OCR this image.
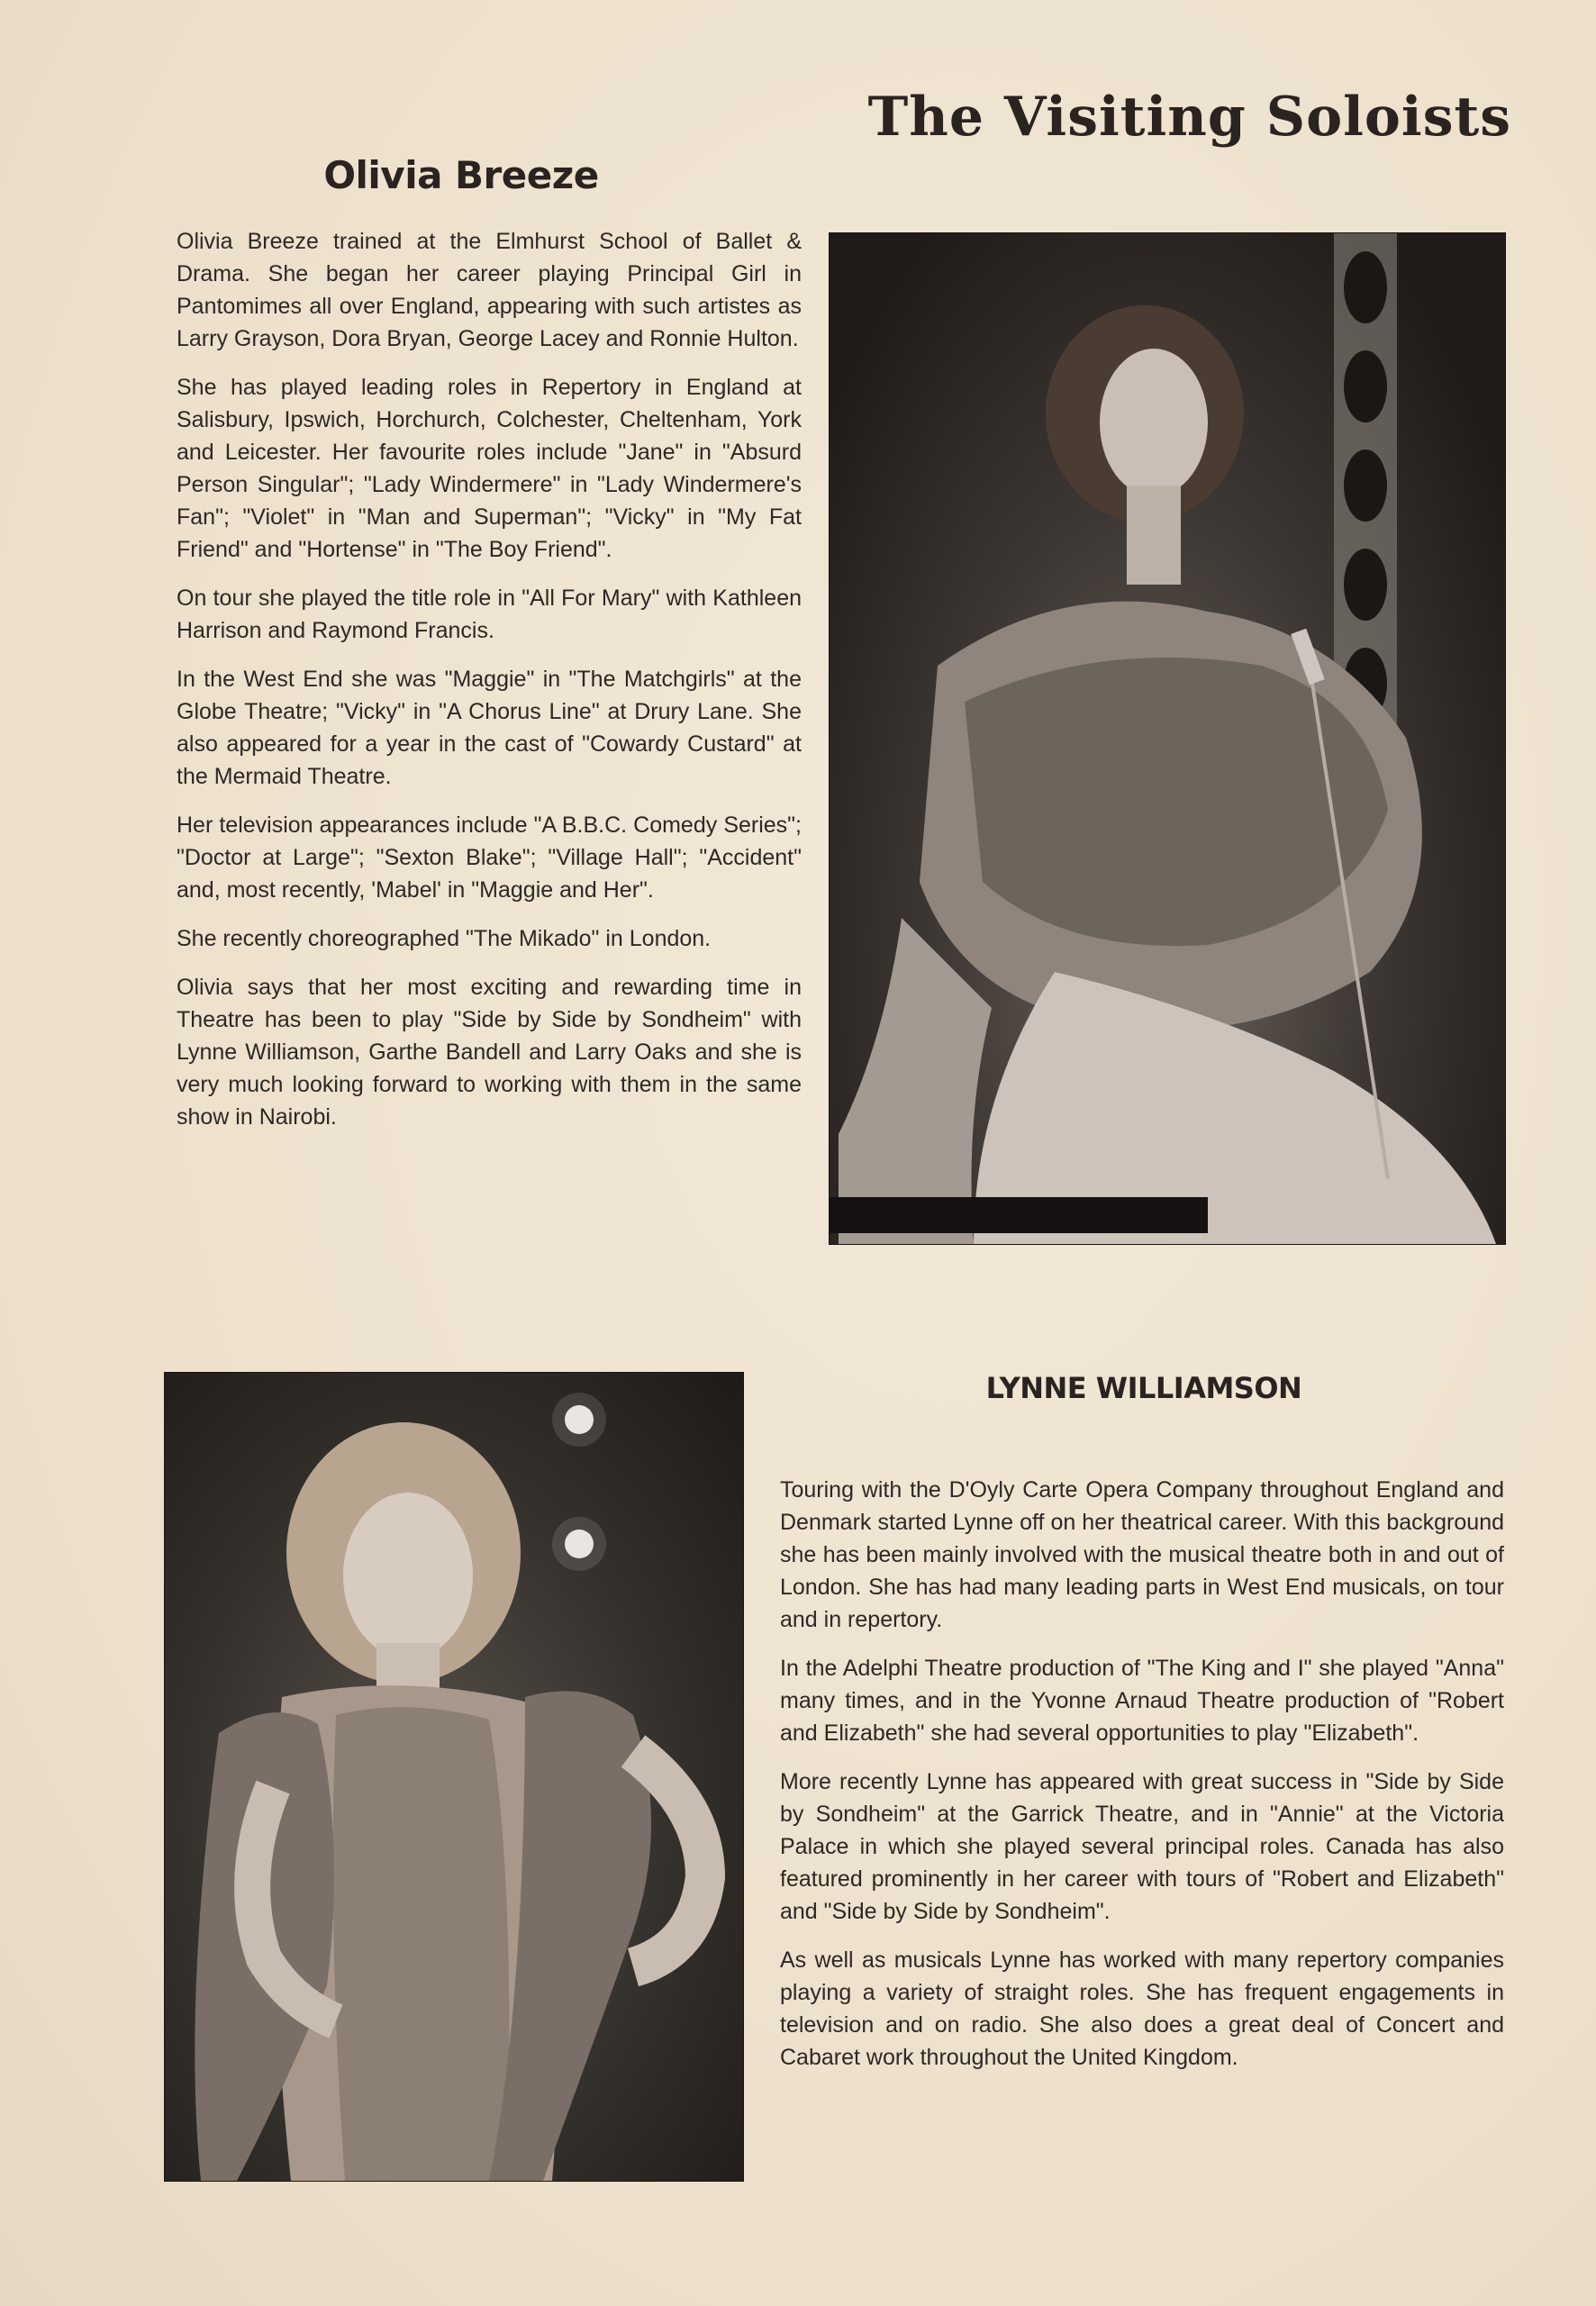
The Visiting Soloists
Olivia Breeze

Olivia Breeze trained at the Elmhurst School of Ballet & Drama. She began her career playing Principal Girl in Pantomimes all over England, appearing with such artistes as Larry Grayson, Dora Bryan, George Lacey and Ronnie Hulton.

She has played leading roles in Repertory in England at Salisbury, Ipswich, Horchurch, Colchester, Cheltenham, York and Leicester. Her favourite roles include "Jane" in "Absurd Person Singular"; "Lady Windermere" in "Lady Windermere's Fan"; "Violet" in "Man and Superman"; "Vicky" in "My Fat Friend" and "Hortense" in "The Boy Friend".

On tour she played the title role in "All For Mary" with Kathleen Harrison and Raymond Francis.

In the West End she was "Maggie" in "The Matchgirls" at the Globe Theatre; "Vicky" in "A Chorus Line" at Drury Lane. She also appeared for a year in the cast of "Cowardy Custard" at the Mermaid Theatre.

Her television appearances include "A B.B.C. Comedy Series"; "Doctor at Large"; "Sexton Blake"; "Village Hall"; "Accident" and, most recently, 'Mabel' in "Maggie and Her".

She recently choreographed "The Mikado" in London.

Olivia says that her most exciting and rewarding time in Theatre has been to play "Side by Side by Sondheim" with Lynne Williamson, Garthe Bandell and Larry Oaks and she is very much looking forward to working with them in the same show in Nairobi.

LYNNE WILLIAMSON

Touring with the D'Oyly Carte Opera Company throughout England and Denmark started Lynne off on her theatrical career. With this background she has been mainly involved with the musical theatre both in and out of London. She has had many leading parts in West End musicals, on tour and in repertory.

In the Adelphi Theatre production of "The King and I" she played "Anna" many times, and in the Yvonne Arnaud Theatre production of "Robert and Elizabeth" she had several opportunities to play "Elizabeth".

More recently Lynne has appeared with great success in "Side by Side by Sondheim" at the Garrick Theatre, and in "Annie" at the Victoria Palace in which she played several principal roles. Canada has also featured prominently in her career with tours of "Robert and Elizabeth" and "Side by Side by Sondheim".

As well as musicals Lynne has worked with many repertory companies playing a variety of straight roles. She has frequent engagements in television and on radio. She also does a great deal of Concert and Cabaret work throughout the United Kingdom.
